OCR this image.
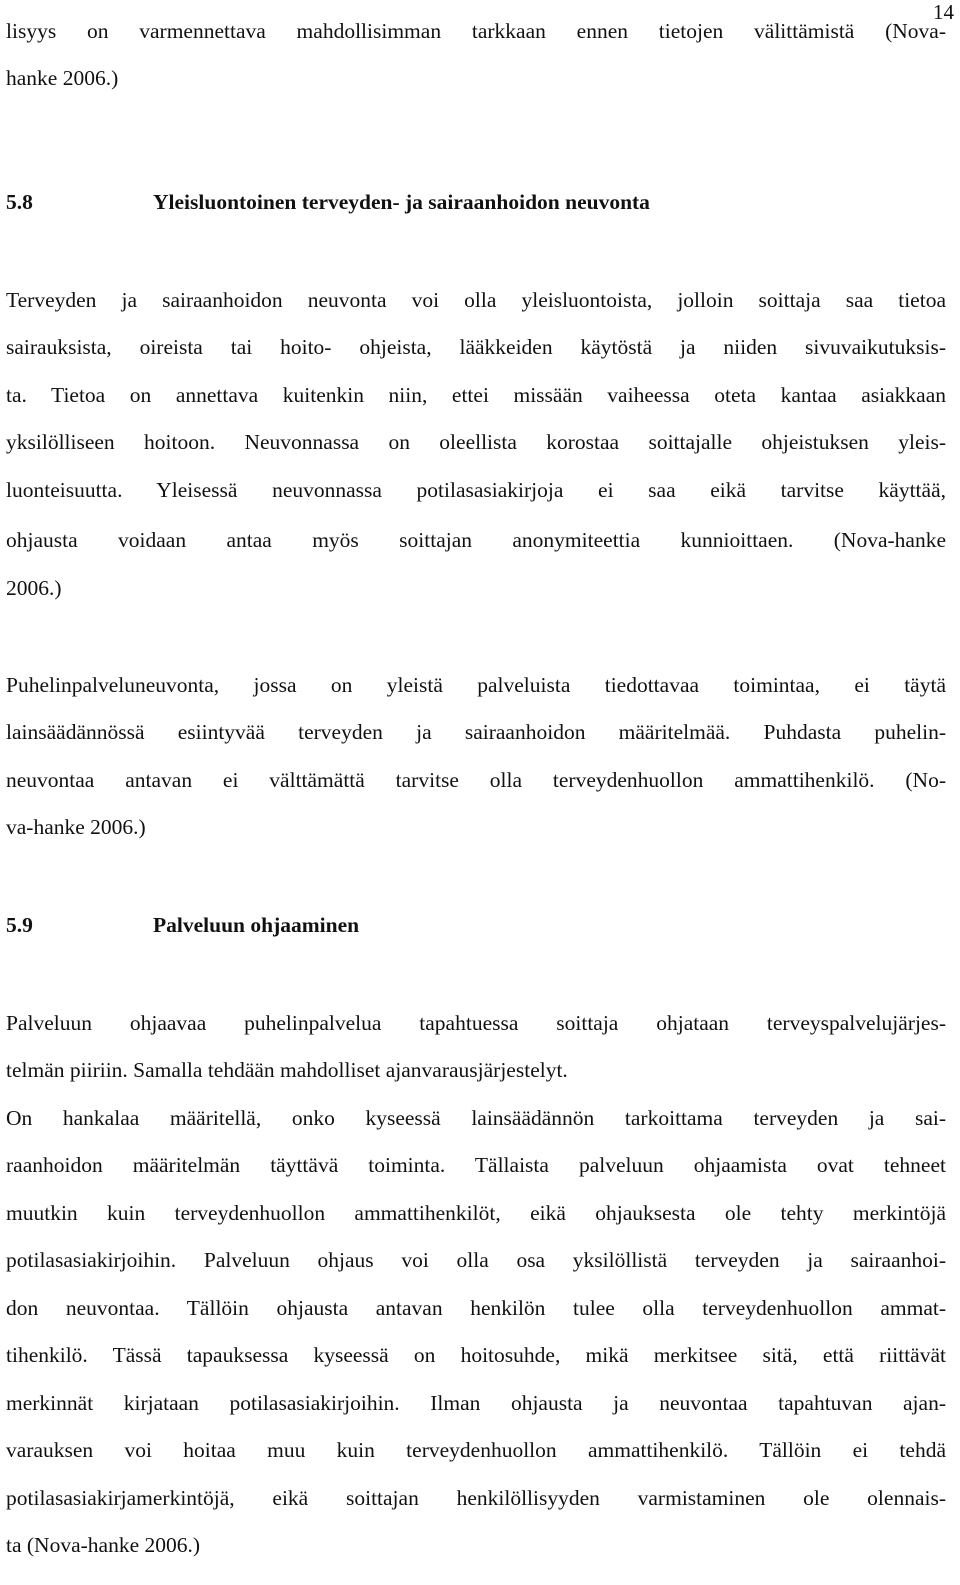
14
lisyys on varmennettava mahdollisimman tarkkaan ennen tietojen välittämistä (Nova-
hanke 2006.)
5.8	Yleisluontoinen terveyden- ja sairaanhoidon neuvonta
Terveyden ja sairaanhoidon neuvonta voi olla yleisluontoista, jolloin soittaja saa tietoa
sairauksista, oireista tai hoito- ohjeista, lääkkeiden käytöstä ja niiden sivuvaikutuksis-
ta. Tietoa on annettava kuitenkin niin, ettei missään vaiheessa oteta kantaa asiakkaan
yksilölliseen hoitoon. Neuvonnassa on oleellista korostaa soittajalle ohjeistuksen yleis-
luonteisuutta. Yleisessä neuvonnassa potilasasiakirjoja ei saa eikä tarvitse käyttää,
ohjausta voidaan antaa myös soittajan anonymiteettia kunnioittaen. (Nova-hanke
2006.)
Puhelinpalveluneuvonta, jossa on yleistä palveluista tiedottavaa toimintaa, ei täytä
lainsäädännössä esiintyvää terveyden ja sairaanhoidon määritelmää. Puhdasta puhelin-
neuvontaa antavan ei välttämättä tarvitse olla terveydenhuollon ammattihenkilö. (No-
va-hanke 2006.)
5.9	Palveluun ohjaaminen
Palveluun ohjaavaa puhelinpalvelua tapahtuessa soittaja ohjataan terveyspalvelujärjes-
telmän piiriin. Samalla tehdään mahdolliset ajanvarausjärjestelyt.
On hankalaa määritellä, onko kyseessä lainsäädännön tarkoittama terveyden ja sai-
raanhoidon määritelmän täyttävä toiminta. Tällaista palveluun ohjaamista ovat tehneet
muutkin kuin terveydenhuollon ammattihenkilöt, eikä ohjauksesta ole tehty merkintöjä
potilasasiakirjoihin. Palveluun ohjaus voi olla osa yksilöllistä terveyden ja sairaanhoi-
don neuvontaa. Tällöin ohjausta antavan henkilön tulee olla terveydenhuollon ammat-
tihenkilö. Tässä tapauksessa kyseessä on hoitosuhde, mikä merkitsee sitä, että riittävät
merkinnät kirjataan potilasasiakirjoihin. Ilman ohjausta ja neuvontaa tapahtuvan ajan-
varauksen voi hoitaa muu kuin terveydenhuollon ammattihenkilö. Tällöin ei tehdä
potilasasiakirjamerkintöjä, eikä soittajan henkilöllisyyden varmistaminen ole olennais-
ta (Nova-hanke 2006.)
